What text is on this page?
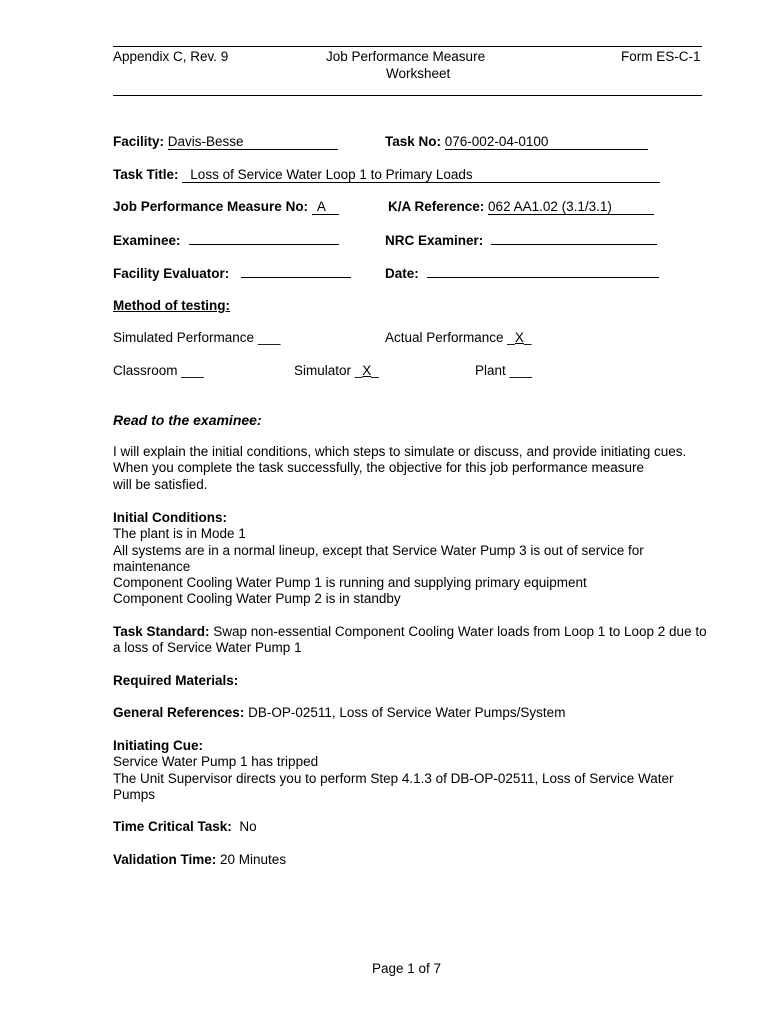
Appendix C, Rev. 9	Job Performance Measure
Worksheet
Form ES-C-1
Facility: Davis-Besse	Task No: 076-002-04-0100
Task Title: Loss of Service Water Loop 1 to Primary Loads
Job Performance Measure No: A	K/A Reference: 062 AA1.02 (3.1/3.1)
Examinee:	NRC Examiner:
Facility Evaluator:	Date:
Method of testing:
Simulated Performance ___	Actual Performance _X_
Classroom ___	Simulator _X_	Plant ___
Read to the examinee:
I will explain the initial conditions, which steps to simulate or discuss, and provide initiating cues.
When you complete the task successfully, the objective for this job performance measure
will be satisfied.
Initial Conditions:
The plant is in Mode 1
All systems are in a normal lineup, except that Service Water Pump 3 is out of service for
maintenance
Component Cooling Water Pump 1 is running and supplying primary equipment
Component Cooling Water Pump 2 is in standby
Task Standard: Swap non-essential Component Cooling Water loads from Loop 1 to Loop 2 due to
a loss of Service Water Pump 1
Required Materials:
General References: DB-OP-02511, Loss of Service Water Pumps/System
Initiating Cue:
Service Water Pump 1 has tripped
The Unit Supervisor directs you to perform Step 4.1.3 of DB-OP-02511, Loss of Service Water
Pumps
Time Critical Task:  No
Validation Time: 20 Minutes
Page 1 of 7
